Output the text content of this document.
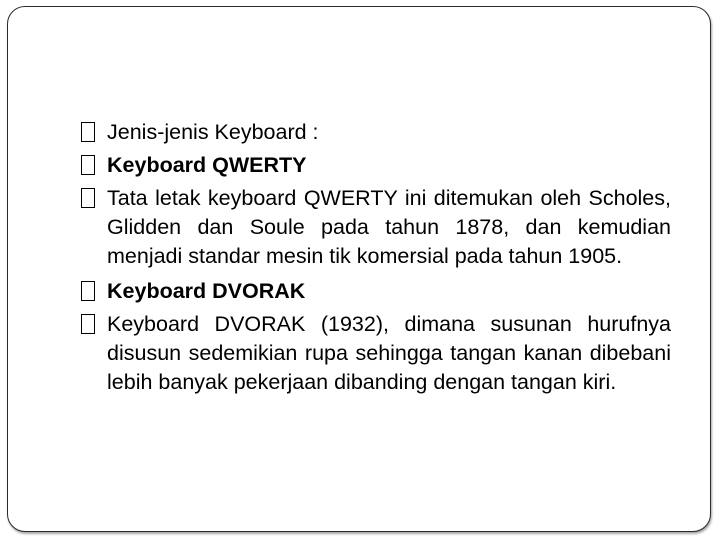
Jenis-jenis Keyboard :
Keyboard QWERTY
Tata letak keyboard QWERTY ini ditemukan oleh Scholes, Glidden dan Soule pada tahun 1878, dan kemudian menjadi standar mesin tik komersial pada tahun 1905.
Keyboard DVORAK
Keyboard DVORAK (1932), dimana susunan hurufnya disusun sedemikian rupa sehingga tangan kanan dibebani lebih banyak pekerjaan dibanding dengan tangan kiri.
